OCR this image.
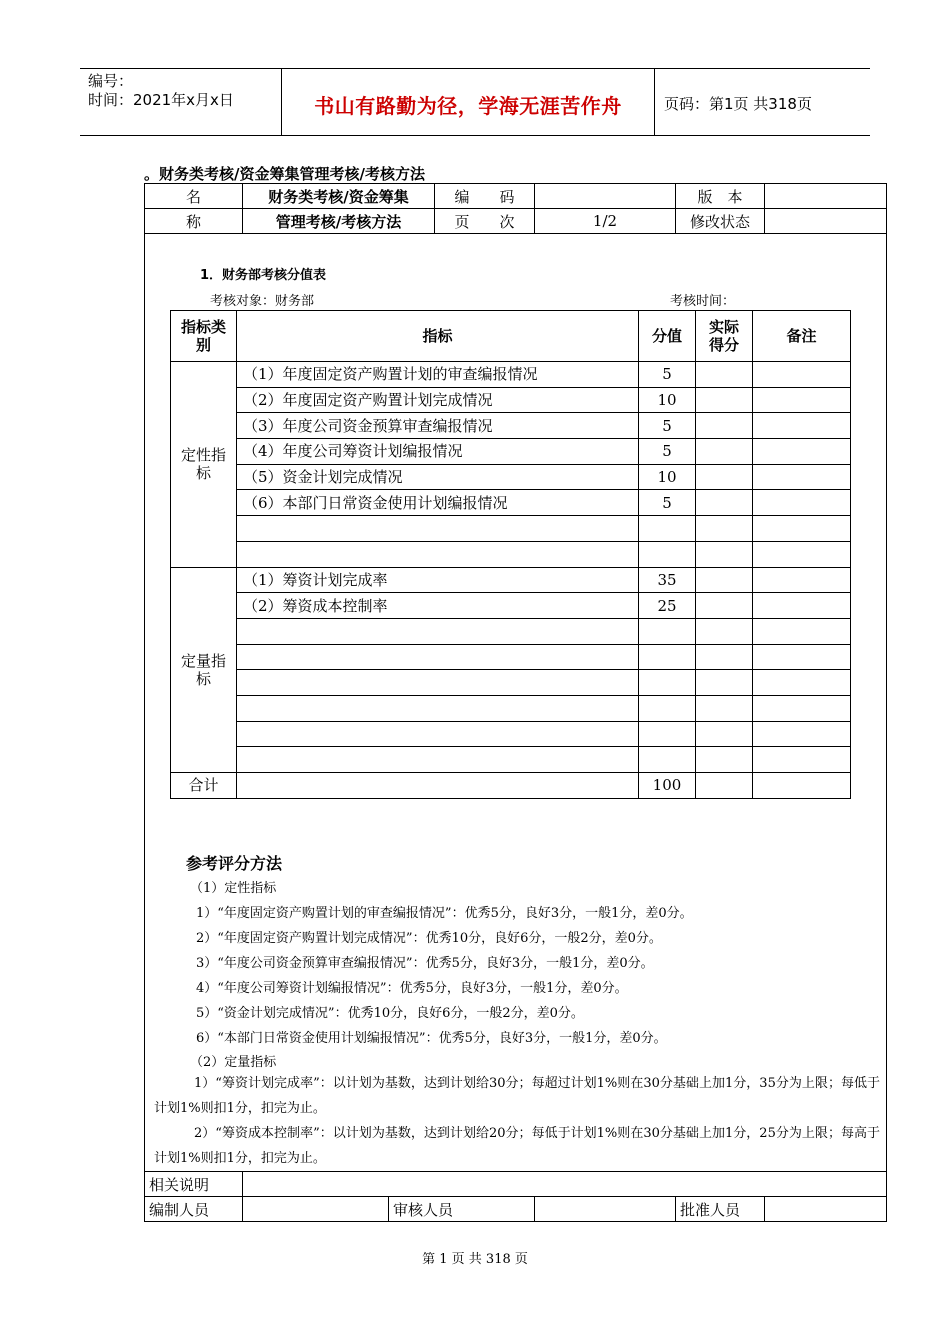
编号：
时间：2021年x月x日	书山有路勤为径，学海无涯苦作舟	页码：第1页 共318页
。财务类考核/资金筹集管理考核/考核方法
名	财务类考核/资金筹集	编　　码		版　本	
称	管理考核/考核方法	页　　次	1/2	修改状态	
1．财务部考核分值表
考核对象：财务部	考核时间：
指标类别	指标	分值	实际得分	备注
定性指标	（1）年度固定资产购置计划的审查编报情况	5		
	（2）年度固定资产购置计划完成情况	10		
	（3）年度公司资金预算审查编报情况	5		
	（4）年度公司筹资计划编报情况	5		
	（5）资金计划完成情况	10		
	（6）本部门日常资金使用计划编报情况	5		

定量指标	（1）筹资计划完成率	35		
	（2）筹资成本控制率	25		

合计		100		
参考评分方法
（1）定性指标
1）“年度固定资产购置计划的审查编报情况”：优秀5分，良好3分，一般1分，差0分。
2）“年度固定资产购置计划完成情况”：优秀10分，良好6分，一般2分，差0分。
3）“年度公司资金预算审查编报情况”：优秀5分，良好3分，一般1分，差0分。
4）“年度公司筹资计划编报情况”：优秀5分，良好3分，一般1分，差0分。
5）“资金计划完成情况”：优秀10分，良好6分，一般2分，差0分。
6）“本部门日常资金使用计划编报情况”：优秀5分，良好3分，一般1分，差0分。
（2）定量指标
1）“筹资计划完成率”：以计划为基数，达到计划给30分；每超过计划1%则在30分基础上加1分，35分为上限；每低于计划1%则扣1分，扣完为止。
2）“筹资成本控制率”：以计划为基数，达到计划给20分；每低于计划1%则在30分基础上加1分，25分为上限；每高于计划1%则扣1分，扣完为止。
相关说明					
编制人员		审核人员		批准人员	
第 1 页 共 318 页
